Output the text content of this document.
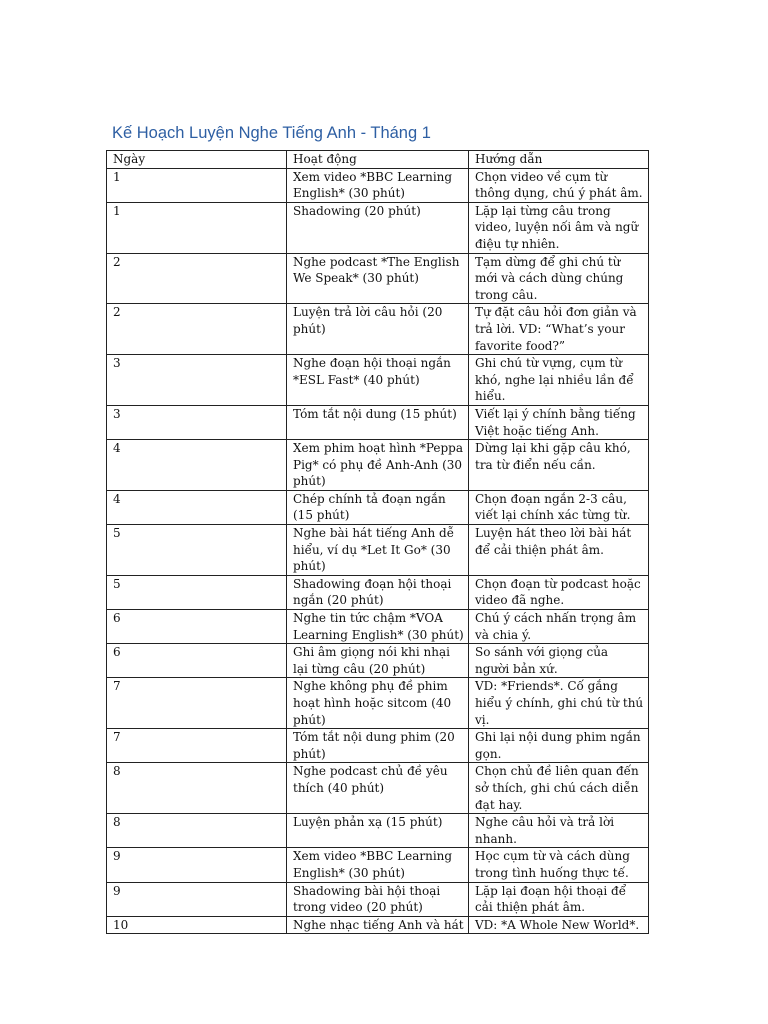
Kế Hoạch Luyện Nghe Tiếng Anh - Tháng 1
Ngày	Hoạt động	Hướng dẫn
1	Xem video *BBC Learning English* (30 phút)	Chọn video về cụm từ thông dụng, chú ý phát âm.
1	Shadowing (20 phút)	Lặp lại từng câu trong video, luyện nối âm và ngữ điệu tự nhiên.
2	Nghe podcast *The English We Speak* (30 phút)	Tạm dừng để ghi chú từ mới và cách dùng chúng trong câu.
2	Luyện trả lời câu hỏi (20 phút)	Tự đặt câu hỏi đơn giản và trả lời. VD: “What’s your favorite food?”
3	Nghe đoạn hội thoại ngắn *ESL Fast* (40 phút)	Ghi chú từ vựng, cụm từ khó, nghe lại nhiều lần để hiểu.
3	Tóm tắt nội dung (15 phút)	Viết lại ý chính bằng tiếng Việt hoặc tiếng Anh.
4	Xem phim hoạt hình *Peppa Pig* có phụ đề Anh-Anh (30 phút)	Dừng lại khi gặp câu khó, tra từ điển nếu cần.
4	Chép chính tả đoạn ngắn (15 phút)	Chọn đoạn ngắn 2-3 câu, viết lại chính xác từng từ.
5	Nghe bài hát tiếng Anh dễ hiểu, ví dụ *Let It Go* (30 phút)	Luyện hát theo lời bài hát để cải thiện phát âm.
5	Shadowing đoạn hội thoại ngắn (20 phút)	Chọn đoạn từ podcast hoặc video đã nghe.
6	Nghe tin tức chậm *VOA Learning English* (30 phút)	Chú ý cách nhấn trọng âm và chia ý.
6	Ghi âm giọng nói khi nhại lại từng câu (20 phút)	So sánh với giọng của người bản xứ.
7	Nghe không phụ đề phim hoạt hình hoặc sitcom (40 phút)	VD: *Friends*. Cố gắng hiểu ý chính, ghi chú từ thú vị.
7	Tóm tắt nội dung phim (20 phút)	Ghi lại nội dung phim ngắn gọn.
8	Nghe podcast chủ đề yêu thích (40 phút)	Chọn chủ đề liên quan đến sở thích, ghi chú cách diễn đạt hay.
8	Luyện phản xạ (15 phút)	Nghe câu hỏi và trả lời nhanh.
9	Xem video *BBC Learning English* (30 phút)	Học cụm từ và cách dùng trong tình huống thực tế.
9	Shadowing bài hội thoại trong video (20 phút)	Lặp lại đoạn hội thoại để cải thiện phát âm.
10	Nghe nhạc tiếng Anh và hát	VD: *A Whole New World*.
